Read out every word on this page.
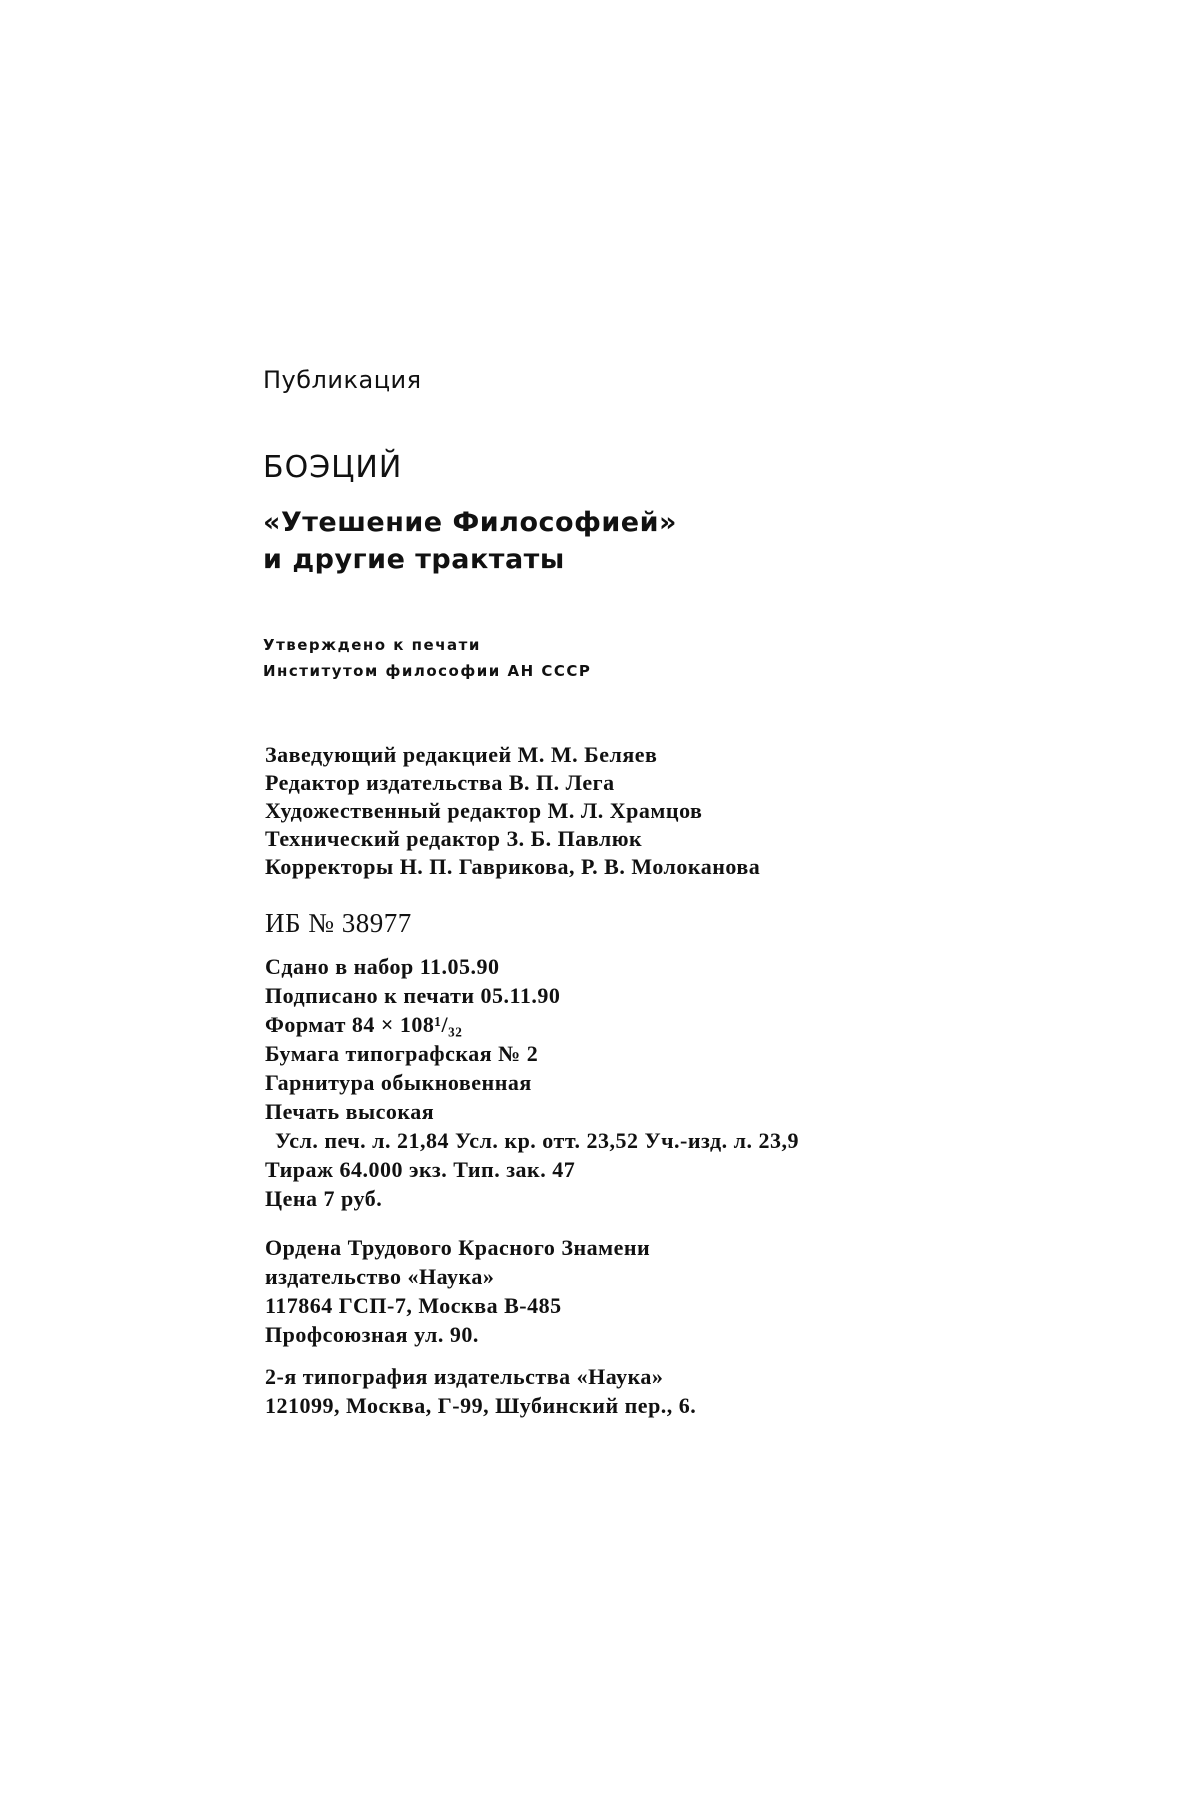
Публикация
БОЭЦИЙ
«Утешение Философией»
и другие трактаты
Утверждено к печати
Институтом философии АН СССР
Заведующий редакцией М. М. Беляев
Редактор издательства В. П. Лега
Художественный редактор М. Л. Храмцов
Технический редактор З. Б. Павлюк
Корректоры Н. П. Гаврикова, Р. В. Молоканова
ИБ № 38977
Сдано в набор 11.05.90
Подписано к печати 05.11.90
Формат 84 × 108¹/₃₂
Бумага типографская № 2
Гарнитура обыкновенная
Печать высокая
Усл. печ. л. 21,84 Усл. кр. отт. 23,52 Уч.-изд. л. 23,9
Тираж 64.000 экз. Тип. зак. 47
Цена 7 руб.
Ордена Трудового Красного Знамени
издательство «Наука»
117864 ГСП-7, Москва В-485
Профсоюзная ул. 90.
2-я типография издательства «Наука»
121099, Москва, Г-99, Шубинский пер., 6.
